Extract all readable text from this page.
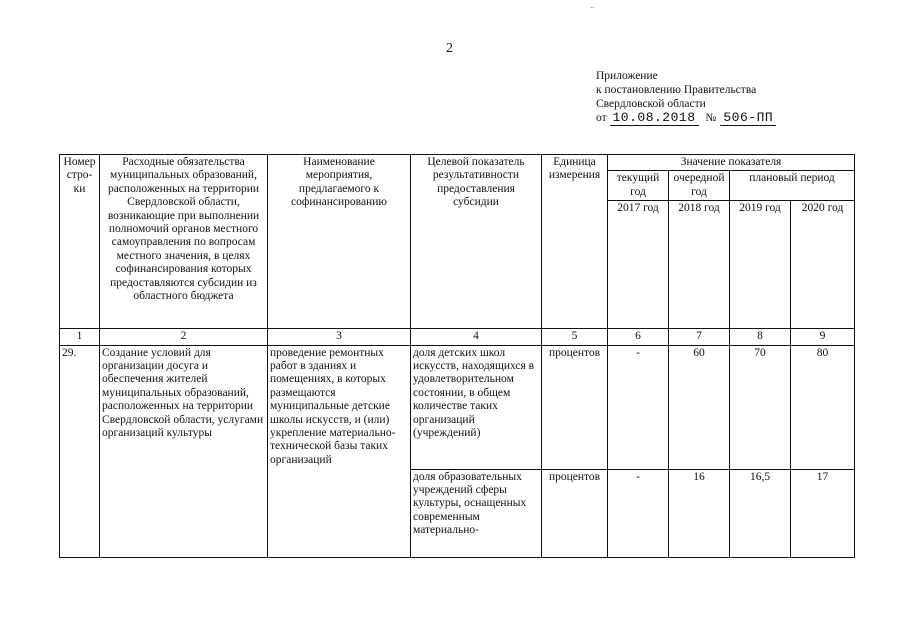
..
2
Приложение
к постановлению Правительства
Свердловской области
от 10.08.2018 № 506-ПП
Номер стро-ки	Расходные обязательства муниципальных образований, расположенных на территории Свердловской области, возникающие при выполнении полномочий органов местного самоуправления по вопросам местного значения, в целях софинансирования которых предоставляются субсидии из областного бюджета	Наименование мероприятия, предлагаемого к софинансированию	Целевой показатель результативности предоставления субсидии	Единица измерения	Значение показателя			
					текущий год	очередной год	плановый период	
					2017 год	2018 год	2019 год	2020 год
1	2	3	4	5	6	7	8	9
29.	Создание условий для организации досуга и обеспечения жителей муниципальных образований, расположенных на территории Свердловской области, услугами организаций культуры	проведение ремонтных работ в зданиях и помещениях, в которых размещаются муниципальные детские школы искусств, и (или) укрепление материально-технической базы таких организаций	доля детских школ искусств, находящихся в удовлетворительном состоянии, в общем количестве таких организаций (учреждений)	процентов	-	60	70	80
			доля образовательных учреждений сферы культуры, оснащенных современным материально-	процентов	-	16	16,5	17
